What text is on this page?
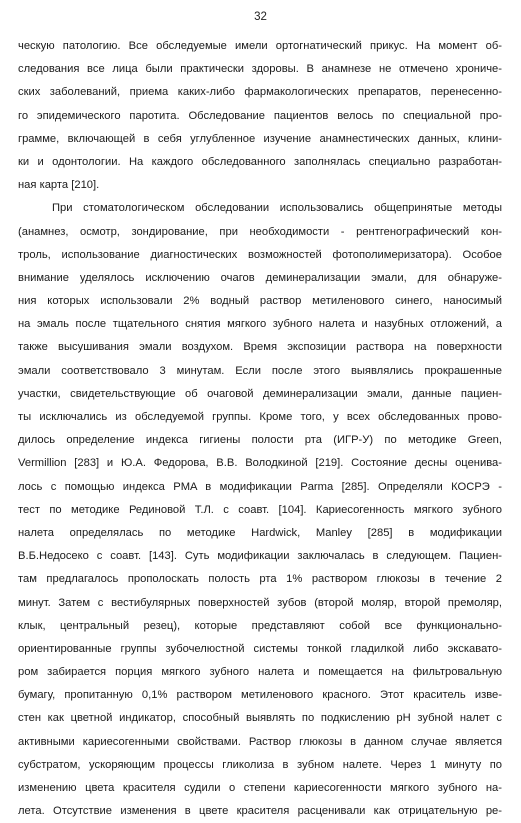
32
ческую патологию. Все обследуемые имели ортогнатический прикус. На момент об-
следования все лица были практически здоровы. В анамнезе не отмечено хрониче-
ских заболеваний, приема каких-либо фармакологических препаратов, перенесенно-
го эпидемического паротита. Обследование пациентов велось по специальной про-
грамме, включающей в себя углубленное изучение анамнестических данных, клини-
ки и одонтологии. На каждого обследованного заполнялась специально разработан-
ная карта [210].
При стоматологическом обследовании использовались общепринятые методы
(анамнез, осмотр, зондирование, при необходимости - рентгенографический кон-
троль, использование диагностических возможностей фотополимеризатора). Особое
внимание уделялось исключению очагов деминерализации эмали, для обнаруже-
ния которых использовали 2% водный раствор метиленового синего, наносимый
на эмаль после тщательного снятия мягкого зубного налета и назубных отложений, а
также высушивания эмали воздухом. Время экспозиции раствора на поверхности
эмали соответствовало 3 минутам. Если после этого выявлялись прокрашенные
участки, свидетельствующие об очаговой деминерализации эмали, данные пациен-
ты исключались из обследуемой группы. Кроме того, у всех обследованных прово-
дилось определение индекса гигиены полости рта (ИГР-У) по методике Green,
Vermillion [283] и Ю.А. Федорова, В.В. Володкиной [219]. Состояние десны оценива-
лось с помощью индекса PMA в модификации Parma [285]. Определяли КОСРЭ -
тест по методике Рединовой Т.Л. с соавт. [104]. Кариесогенность мягкого зубного
налета определялась по методике Hardwick, Manley [285] в модификации
В.Б.Недосеко с соавт. [143]. Суть модификации заключалась в следующем. Пациен-
там предлагалось прополоскать полость рта 1% раствором глюкозы в течение 2
минут. Затем с вестибулярных поверхностей зубов (второй моляр, второй премоляр,
клык, центральный резец), которые представляют собой все функционально-
ориентированные группы зубочелюстной системы тонкой гладилкой либо экскавато-
ром забирается порция мягкого зубного налета и помещается на фильтровальную
бумагу, пропитанную 0,1% раствором метиленового красного. Этот краситель изве-
стен как цветной индикатор, способный выявлять по подкислению pH зубной налет с
активными кариесогенными свойствами. Раствор глюкозы в данном случае является
субстратом, ускоряющим процессы гликолиза в зубном налете. Через 1 минуту по
изменению цвета красителя судили о степени кариесогенности мягкого зубного на-
лета. Отсутствие изменения в цвете красителя расценивали как отрицательную ре-
